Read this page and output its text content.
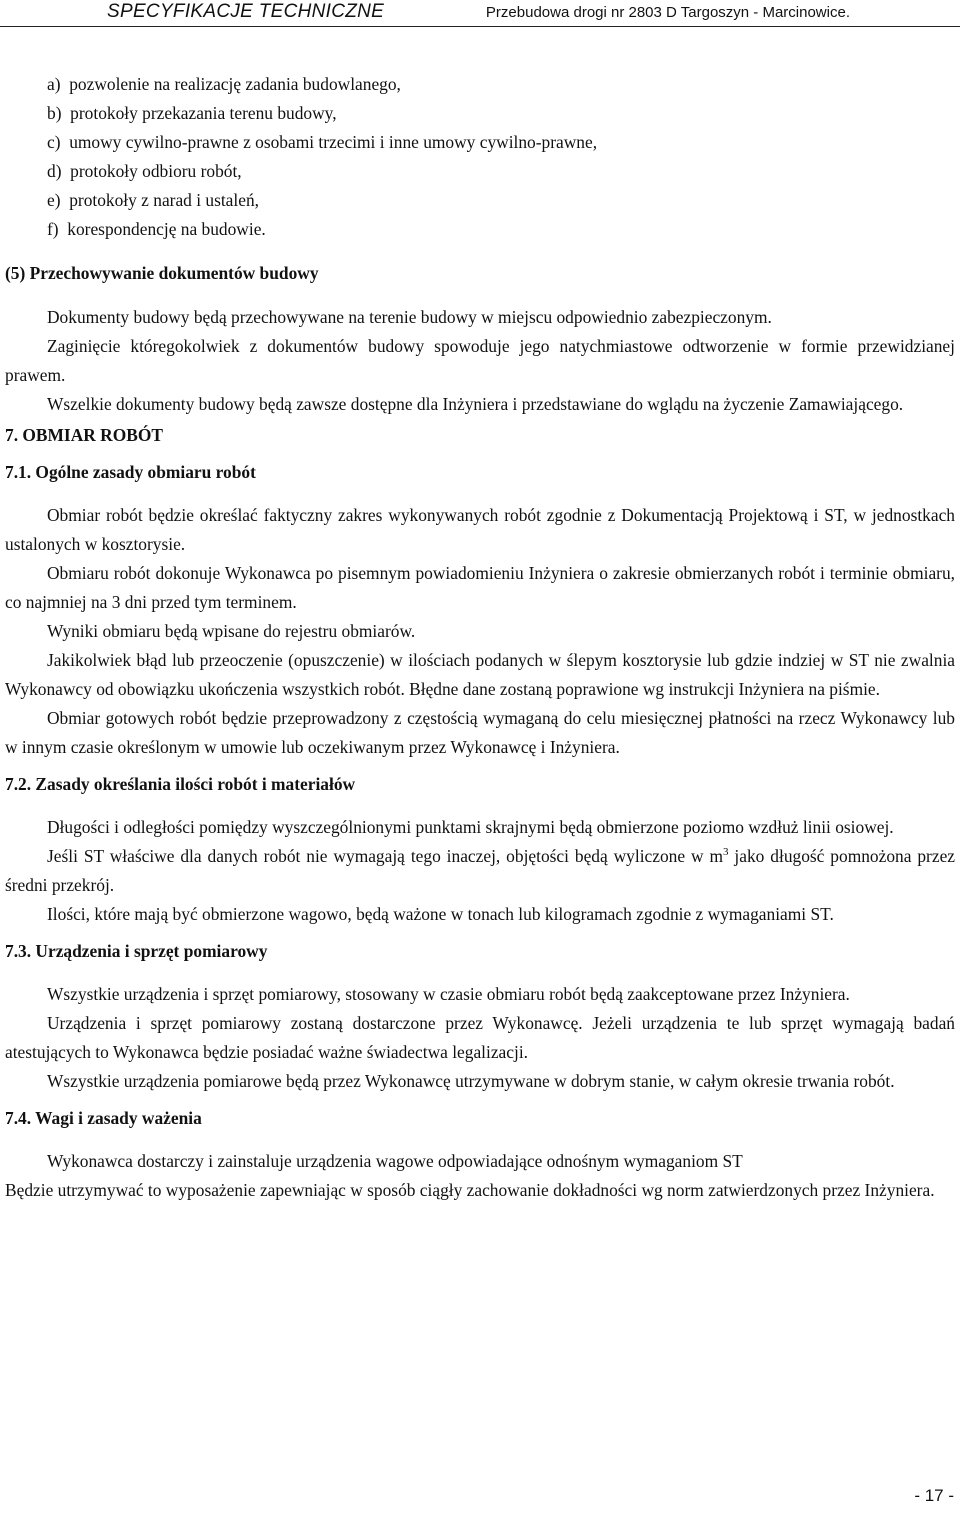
SPECYFIKACJE TECHNICZNE	Przebudowa drogi nr 2803 D Targoszyn - Marcinowice.

a)  pozwolenie na realizację zadania budowlanego,

b)  protokoły przekazania terenu budowy,

c)  umowy cywilno-prawne z osobami trzecimi i inne umowy cywilno-prawne,

d)  protokoły odbioru robót,

e)  protokoły z narad i ustaleń,

f)  korespondencję na budowie.

(5) Przechowywanie dokumentów budowy

Dokumenty budowy będą przechowywane na terenie budowy w miejscu odpowiednio zabezpieczonym.

Zaginięcie któregokolwiek z dokumentów budowy spowoduje jego natychmiastowe odtworzenie w formie przewidzianej prawem.

Wszelkie dokumenty budowy będą zawsze dostępne dla Inżyniera i przedstawiane do wglądu na życzenie Zamawiającego.

7. OBMIAR ROBÓT

7.1. Ogólne zasady obmiaru robót

Obmiar robót będzie określać faktyczny zakres wykonywanych robót zgodnie z Dokumentacją Projektową i ST, w jednostkach ustalonych w kosztorysie.

Obmiaru robót dokonuje Wykonawca po pisemnym powiadomieniu Inżyniera o zakresie obmierzanych robót i terminie obmiaru, co najmniej na 3 dni przed tym terminem.

Wyniki obmiaru będą wpisane do rejestru obmiarów.

Jakikolwiek błąd lub przeoczenie (opuszczenie) w ilościach podanych w ślepym kosztorysie lub gdzie indziej w ST nie zwalnia Wykonawcy od obowiązku ukończenia wszystkich robót. Błędne dane zostaną poprawione wg instrukcji Inżyniera na piśmie.

Obmiar gotowych robót będzie przeprowadzony z częstością wymaganą do celu miesięcznej płatności na rzecz Wykonawcy lub w innym czasie określonym w umowie lub oczekiwanym przez Wykonawcę i Inżyniera.

7.2. Zasady określania ilości robót i materiałów

Długości i odległości pomiędzy wyszczególnionymi punktami skrajnymi będą obmierzone poziomo wzdłuż linii osiowej.

Jeśli ST właściwe dla danych robót nie wymagają tego inaczej, objętości będą wyliczone w $m^3$ jako długość pomnożona przez średni przekrój.

Ilości, które mają być obmierzone wagowo, będą ważone w tonach lub kilogramach zgodnie z wymaganiami ST.

7.3. Urządzenia i sprzęt pomiarowy

Wszystkie urządzenia i sprzęt pomiarowy, stosowany w czasie obmiaru robót będą zaakceptowane przez Inżyniera.

Urządzenia i sprzęt pomiarowy zostaną dostarczone przez Wykonawcę. Jeżeli urządzenia te lub sprzęt wymagają badań atestujących to Wykonawca będzie posiadać ważne świadectwa legalizacji.

Wszystkie urządzenia pomiarowe będą przez Wykonawcę utrzymywane w dobrym stanie, w całym okresie trwania robót.

7.4. Wagi i zasady ważenia

Wykonawca dostarczy i zainstaluje urządzenia wagowe odpowiadające odnośnym wymaganiom ST

Będzie utrzymywać to wyposażenie zapewniając w sposób ciągły zachowanie dokładności wg norm zatwierdzonych przez Inżyniera.

- 17 -
